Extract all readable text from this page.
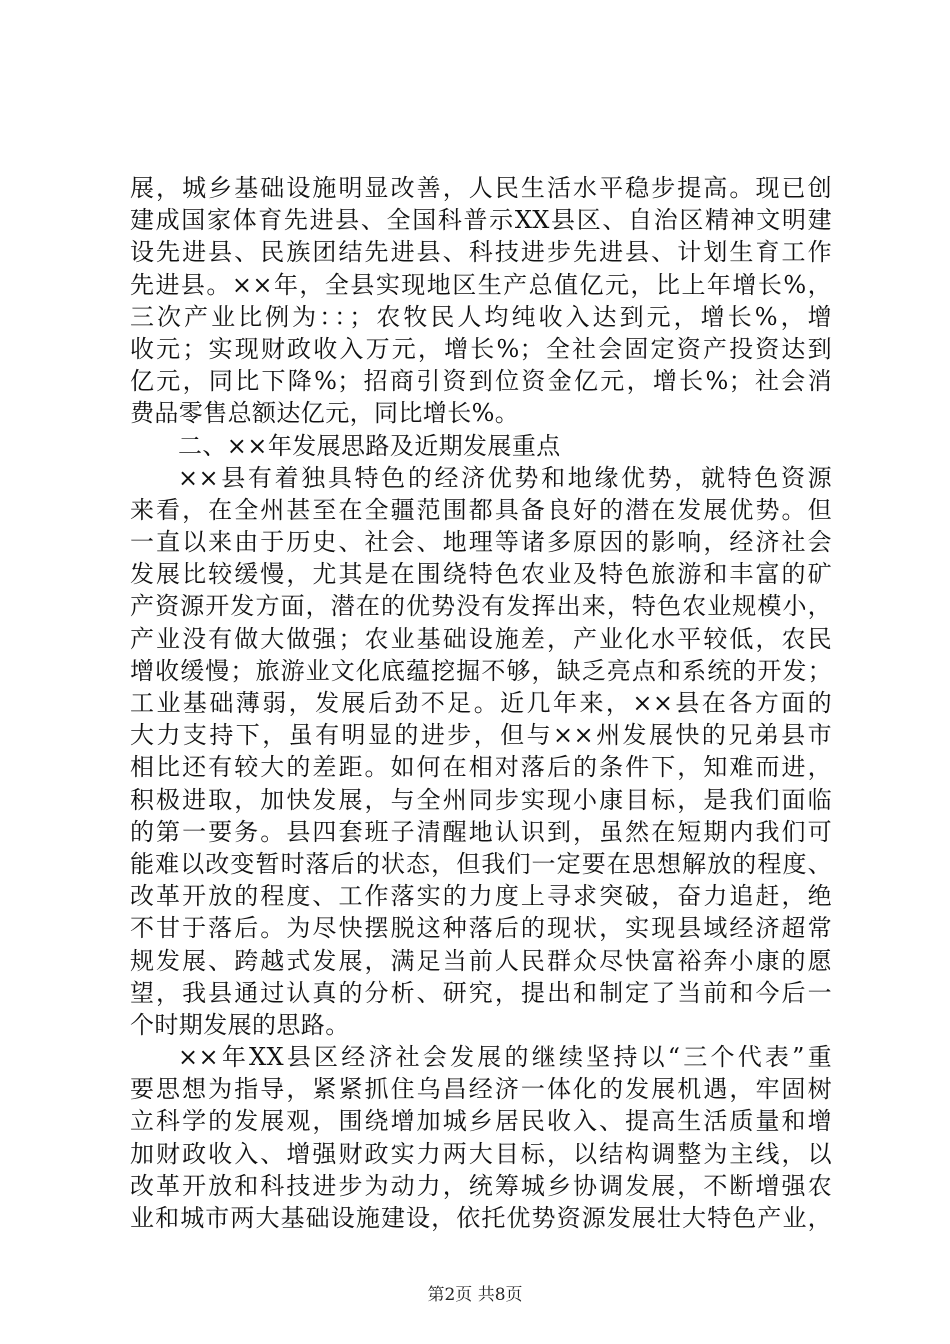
展，城乡基础设施明显改善，人民生活水平稳步提高。现已创
建成国家体育先进县、全国科普示XX县区、自治区精神文明建
设先进县、民族团结先进县、科技进步先进县、计划生育工作
先进县。××年，全县实现地区生产总值亿元，比上年增长%，
三次产业比例为：：；农牧民人均纯收入达到元，增长%，增
收元；实现财政收入万元，增长%；全社会固定资产投资达到
亿元，同比下降%；招商引资到位资金亿元，增长%；社会消
费品零售总额达亿元，同比增长%。
二、××年发展思路及近期发展重点
××县有着独具特色的经济优势和地缘优势，就特色资源
来看，在全州甚至在全疆范围都具备良好的潜在发展优势。但
一直以来由于历史、社会、地理等诸多原因的影响，经济社会
发展比较缓慢，尤其是在围绕特色农业及特色旅游和丰富的矿
产资源开发方面，潜在的优势没有发挥出来，特色农业规模小，
产业没有做大做强；农业基础设施差，产业化水平较低，农民
增收缓慢；旅游业文化底蕴挖掘不够，缺乏亮点和系统的开发；
工业基础薄弱，发展后劲不足。近几年来，××县在各方面的
大力支持下，虽有明显的进步，但与××州发展快的兄弟县市
相比还有较大的差距。如何在相对落后的条件下，知难而进，
积极进取，加快发展，与全州同步实现小康目标，是我们面临
的第一要务。县四套班子清醒地认识到，虽然在短期内我们可
能难以改变暂时落后的状态，但我们一定要在思想解放的程度、
改革开放的程度、工作落实的力度上寻求突破，奋力追赶，绝
不甘于落后。为尽快摆脱这种落后的现状，实现县域经济超常
规发展、跨越式发展，满足当前人民群众尽快富裕奔小康的愿
望，我县通过认真的分析、研究，提出和制定了当前和今后一
个时期发展的思路。
××年XX县区经济社会发展的继续坚持以“三个代表”重
要思想为指导，紧紧抓住乌昌经济一体化的发展机遇，牢固树
立科学的发展观，围绕增加城乡居民收入、提高生活质量和增
加财政收入、增强财政实力两大目标，以结构调整为主线，以
改革开放和科技进步为动力，统筹城乡协调发展，不断增强农
业和城市两大基础设施建设，依托优势资源发展壮大特色产业，
第2页 共8页
